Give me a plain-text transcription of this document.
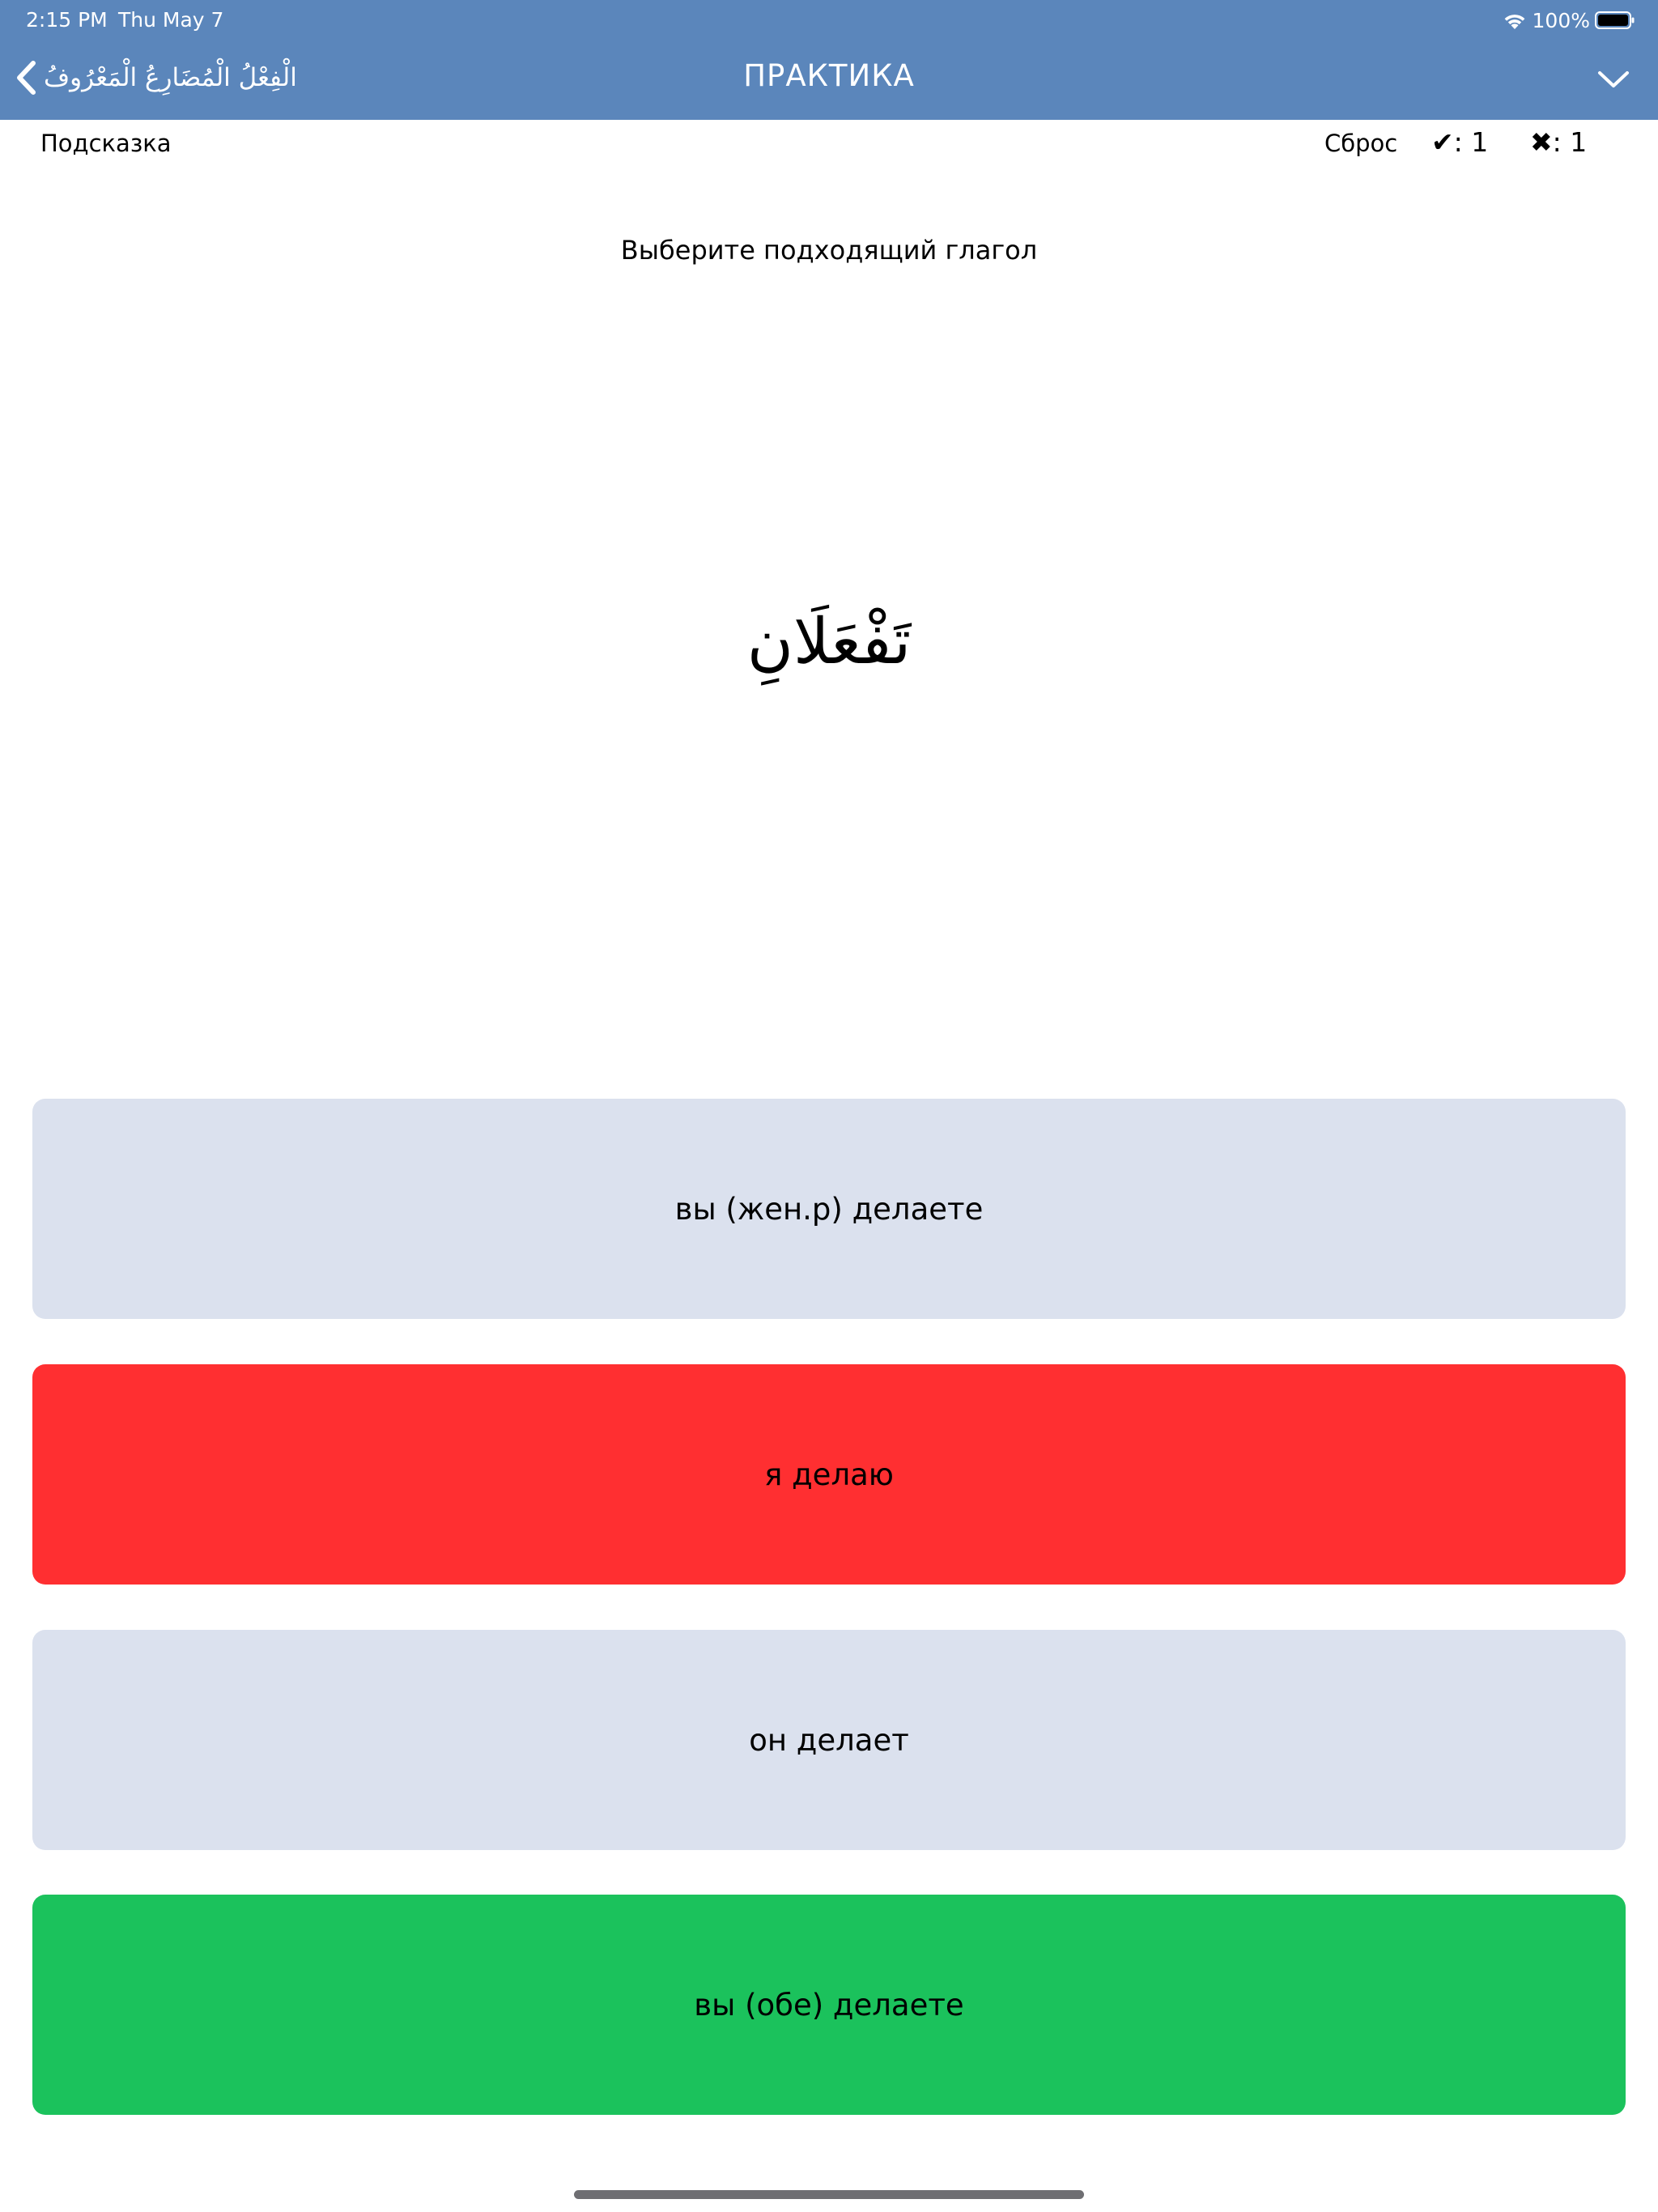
2:15 PM Thu May 7	100%
الْفِعْلُ الْمُضَارِعُ الْمَعْرُوفُ	ПРАКТИКА
Подсказка	Сброс ✔ : 1 ✖ : 1
Выберите подходящий глагол
تَفْعَلَانِ
вы (жен.р) делаете
я делаю
он делает
вы (обе) делаете
